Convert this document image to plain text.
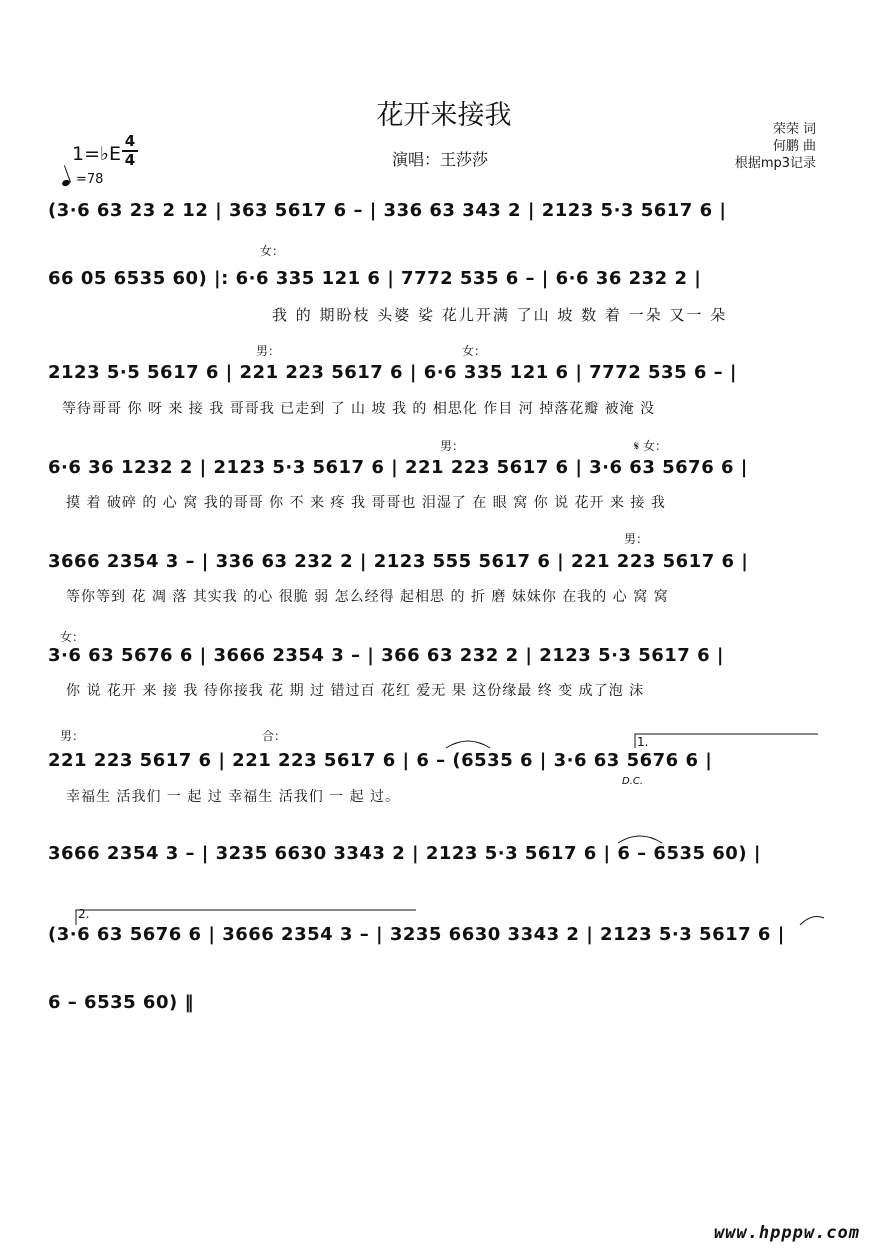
花开来接我
1=♭E
4
4
=78
演唱：王莎莎
荣荣 词
何鹏 曲
根据mp3记录
(3·6 63 23 2 12 | 363 5617 6 – | 336 63 343 2 | 2123 5·3 5617 6 |
女：
66 05 6535 60) |: 6·6 335 121 6 | 7772 535 6 – | 6·6 36 232 2 |
我 的 期盼枝 头婆 娑 花儿开满 了山 坡 数 着 一朵 又一 朵
男：	女：
2123 5·5 5617 6 | 221 223 5617 6 | 6·6 335 121 6 | 7772 535 6 – |
等待哥哥 你 呀 来 接 我 哥哥我 已走到 了 山 坡 我 的 相思化 作目 河 掉落花瓣 被淹 没
男：	𝄋 女：
6·6 36 1232 2 | 2123 5·3 5617 6 | 221 223 5617 6 | 3·6 63 5676 6 |
摸 着 破碎 的 心 窝 我的哥哥 你 不 来 疼 我 哥哥也 泪湿了 在 眼 窝 你 说 花开 来 接 我
男：
3666 2354 3 – | 336 63 232 2 | 2123 555 5617 6 | 221 223 5617 6 |
等你等到 花 凋 落 其实我 的心 很脆 弱 怎么经得 起相思 的 折 磨 妹妹你 在我的 心 窝 窝
女：
3·6 63 5676 6 | 3666 2354 3 – | 366 63 232 2 | 2123 5·3 5617 6 |
你 说 花开 来 接 我 待你接我 花 期 过 错过百 花红 爱无 果 这份缘最 终 变 成了泡 沫
男：	合：	1.
221 223 5617 6 | 221 223 5617 6 | 6 – (6535 6 | 3·6 63 5676 6 |
D.C.
幸福生 活我们 一 起 过 幸福生 活我们 一 起 过。
3666 2354 3 – | 3235 6630 3343 2 | 2123 5·3 5617 6 | 6 – 6535 60) |
2.
(3·6 63 5676 6 | 3666 2354 3 – | 3235 6630 3343 2 | 2123 5·3 5617 6 |
6 – 6535 60) ‖
www.hpppw.com
